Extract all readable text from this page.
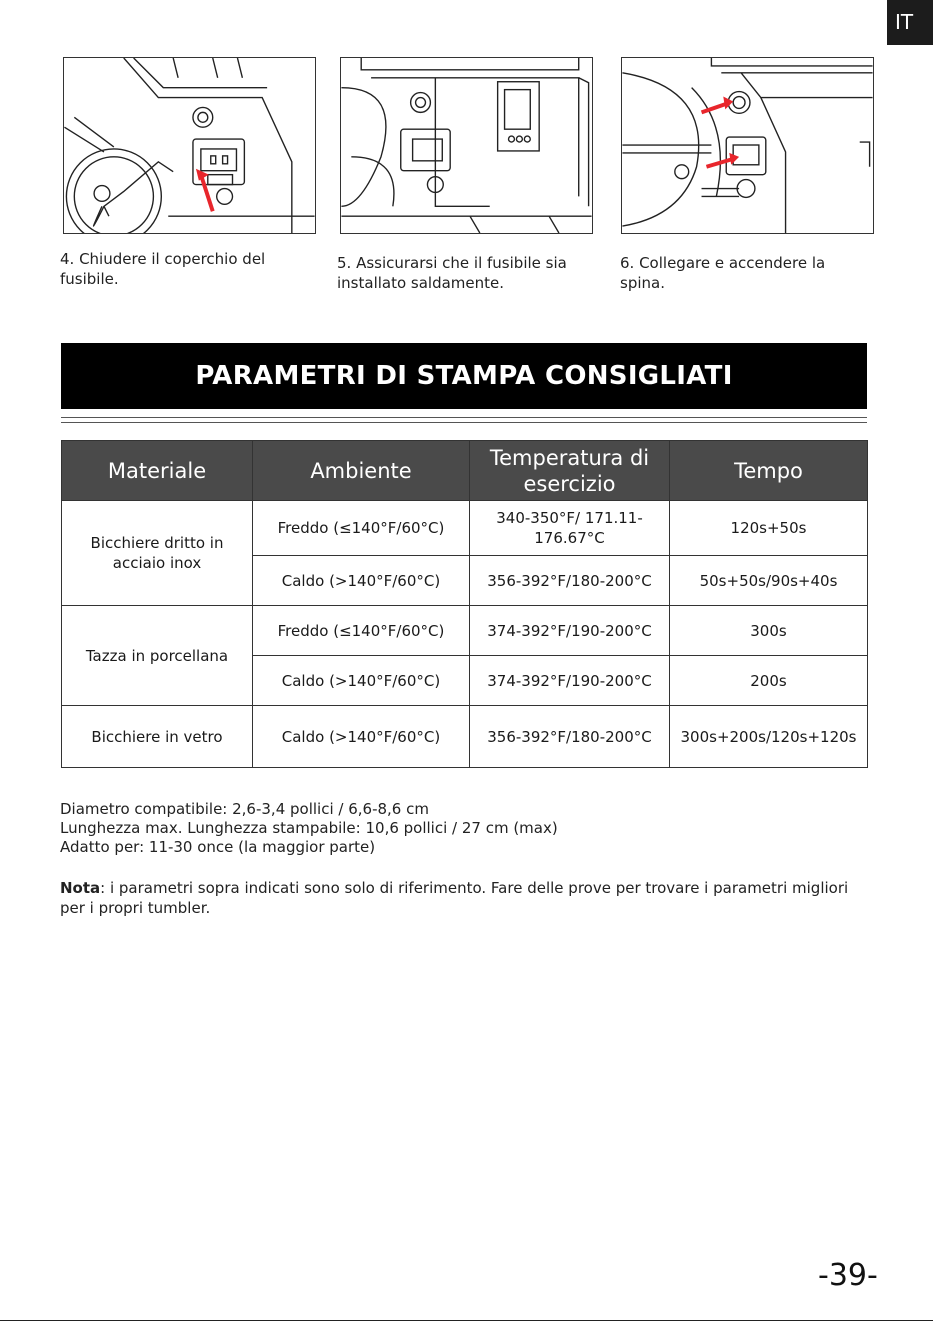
IT
4. Chiudere il coperchio del fusibile.
5. Assicurarsi che il fusibile sia installato saldamente.
6. Collegare e accendere la spina.
PARAMETRI DI STAMPA CONSIGLIATI
Materiale	Ambiente	Temperatura di esercizio	Tempo
Bicchiere dritto in acciaio inox	Freddo (≤140°F/60°C)	340-350°F/ 171.11-176.67°C	120s+50s
	Caldo (>140°F/60°C)	356-392°F/180-200°C	50s+50s/90s+40s
Tazza in porcellana	Freddo (≤140°F/60°C)	374-392°F/190-200°C	300s
	Caldo (>140°F/60°C)	374-392°F/190-200°C	200s
Bicchiere in vetro	Caldo (>140°F/60°C)	356-392°F/180-200°C	300s+200s/120s+120s
Diametro compatibile: 2,6-3,4 pollici / 6,6-8,6 cm
Lunghezza max. Lunghezza stampabile: 10,6 pollici / 27 cm (max)
Adatto per: 11-30 once (la maggior parte)
Nota: i parametri sopra indicati sono solo di riferimento. Fare delle prove per trovare i parametri migliori per i propri tumbler.
-39-
